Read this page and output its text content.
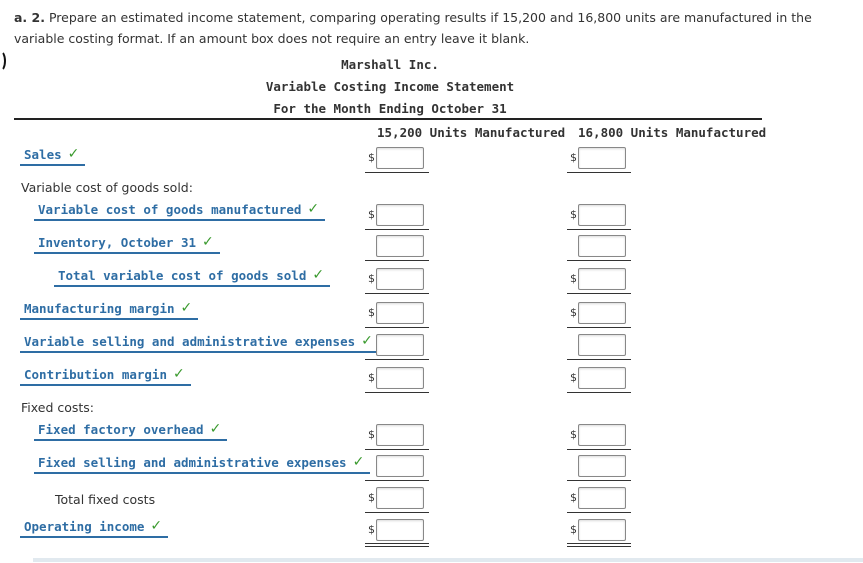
a. 2. Prepare an estimated income statement, comparing operating results if 15,200 and 16,800 units are manufactured in the variable costing format. If an amount box does not require an entry leave it blank.
Marshall Inc.
Variable Costing Income Statement
For the Month Ending October 31
15,200 Units Manufactured 16,800 Units Manufactured
Sales ✓	$	$
Variable cost of goods sold:
Variable cost of goods manufactured ✓	$	$
Inventory, October 31 ✓
Total variable cost of goods sold ✓	$	$
Manufacturing margin ✓	$	$
Variable selling and administrative expenses ✓
Contribution margin ✓	$	$
Fixed costs:
Fixed factory overhead ✓	$	$
Fixed selling and administrative expenses ✓
Total fixed costs	$	$
Operating income ✓	$	$
